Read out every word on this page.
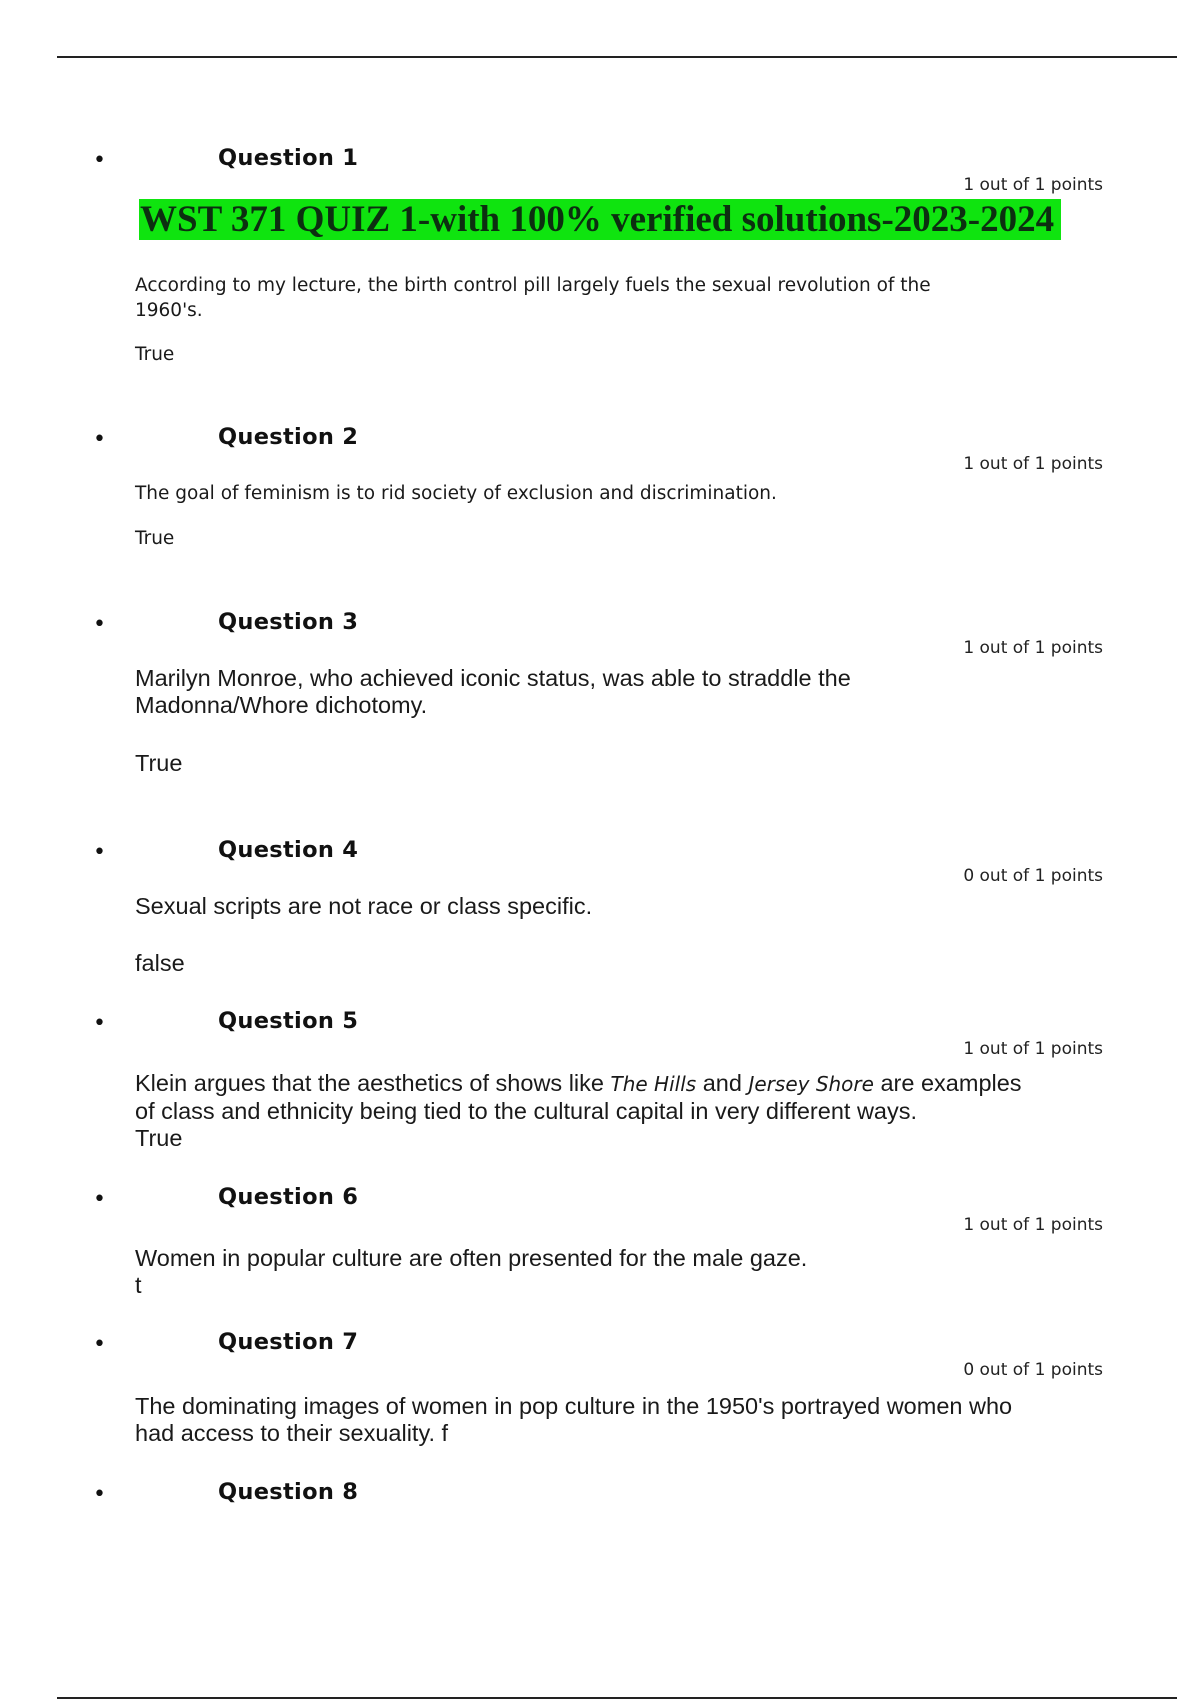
•	Question 1
1 out of 1 points
WST 371 QUIZ 1-with 100% verified solutions-2023-2024
According to my lecture, the birth control pill largely fuels the sexual revolution of the
1960's.
True
•	Question 2
1 out of 1 points
The goal of feminism is to rid society of exclusion and discrimination.
True
•	Question 3
1 out of 1 points
Marilyn Monroe, who achieved iconic status, was able to straddle the
Madonna/Whore dichotomy.
True
•	Question 4
0 out of 1 points
Sexual scripts are not race or class specific.
false
•	Question 5
1 out of 1 points
Klein argues that the aesthetics of shows like The Hills and Jersey Shore are examples
of class and ethnicity being tied to the cultural capital in very different ways.
True
•	Question 6
1 out of 1 points
Women in popular culture are often presented for the male gaze.
t
•	Question 7
0 out of 1 points
The dominating images of women in pop culture in the 1950's portrayed women who
had access to their sexuality. f
•	Question 8
